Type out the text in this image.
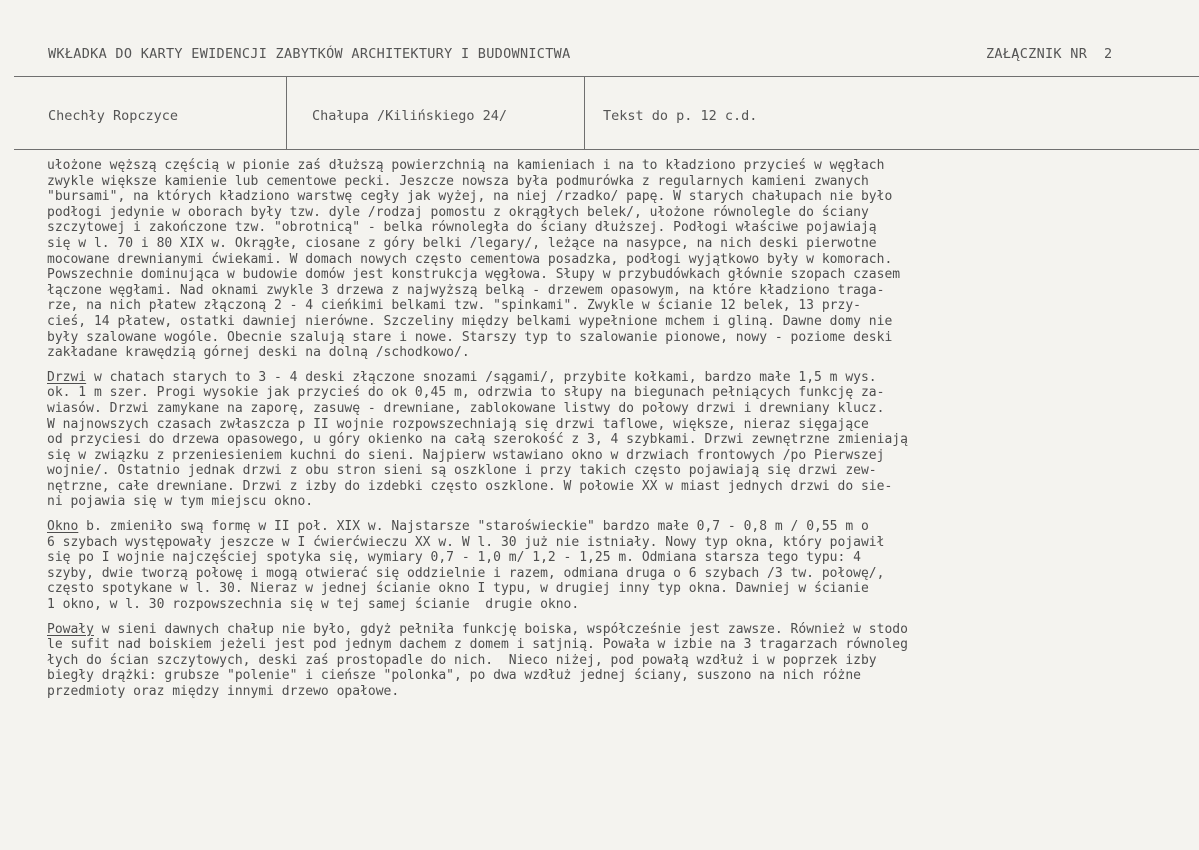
WKŁADKA DO KARTY EWIDENCJI ZABYTKÓW ARCHITEKTURY I BUDOWNICTWA	ZAŁĄCZNIK NR  2
Chechły Ropczyce	Chałupa /Kilińskiego 24/	Tekst do p. 12 c.d.

ułożone węższą częścią w pionie zaś dłuższą powierzchnią na kamieniach i na to kładziono przycieś w węgłach
zwykle większe kamienie lub cementowe pecki. Jeszcze nowsza była podmurówka z regularnych kamieni zwanych
"bursami", na których kładziono warstwę cegły jak wyżej, na niej /rzadko/ papę. W starych chałupach nie było
podłogi jedynie w oborach były tzw. dyle /rodzaj pomostu z okrągłych belek/, ułożone równolegle do ściany
szczytowej i zakończone tzw. "obrotnicą" - belka równoległa do ściany dłuższej. Podłogi właściwe pojawiają
się w l. 70 i 80 XIX w. Okrągłe, ciosane z góry belki /legary/, leżące na nasypce, na nich deski pierwotne
mocowane drewnianymi ćwiekami. W domach nowych często cementowa posadzka, podłogi wyjątkowo były w komorach.
Powszechnie dominująca w budowie domów jest konstrukcja węgłowa. Słupy w przybudówkach głównie szopach czasem
łączone węgłami. Nad oknami zwykle 3 drzewa z najwyższą belką - drzewem opasowym, na które kładziono traga-
rze, na nich płatew złączoną 2 - 4 cieńkimi belkami tzw. "spinkami". Zwykle w ścianie 12 belek, 13 przy-
cieś, 14 płatew, ostatki dawniej nierówne. Szczeliny między belkami wypełnione mchem i gliną. Dawne domy nie
były szalowane wogóle. Obecnie szalują stare i nowe. Starszy typ to szalowanie pionowe, nowy - poziome deski
zakładane krawędzią górnej deski na dolną /schodkowo/.

Drzwi w chatach starych to 3 - 4 deski złączone snozami /sągami/, przybite kołkami, bardzo małe 1,5 m wys.
ok. 1 m szer. Progi wysokie jak przycieś do ok 0,45 m, odrzwia to słupy na biegunach pełniących funkcję za-
wiasów. Drzwi zamykane na zaporę, zasuwę - drewniane, zablokowane listwy do połowy drzwi i drewniany klucz.
W najnowszych czasach zwłaszcza p II wojnie rozpowszechniają się drzwi taflowe, większe, nieraz sięgające
od przyciesi do drzewa opasowego, u góry okienko na całą szerokość z 3, 4 szybkami. Drzwi zewnętrzne zmieniają
się w związku z przeniesieniem kuchni do sieni. Najpierw wstawiano okno w drzwiach frontowych /po Pierwszej
wojnie/. Ostatnio jednak drzwi z obu stron sieni są oszklone i przy takich często pojawiają się drzwi zew-
nętrzne, całe drewniane. Drzwi z izby do izdebki często oszklone. W połowie XX w miast jednych drzwi do sie-
ni pojawia się w tym miejscu okno.

Okno b. zmieniło swą formę w II poł. XIX w. Najstarsze "staroświeckie" bardzo małe 0,7 - 0,8 m / 0,55 m o
6 szybach występowały jeszcze w I ćwierćwieczu XX w. W l. 30 już nie istniały. Nowy typ okna, który pojawił
się po I wojnie najczęściej spotyka się, wymiary 0,7 - 1,0 m/ 1,2 - 1,25 m. Odmiana starsza tego typu: 4
szyby, dwie tworzą połowę i mogą otwierać się oddzielnie i razem, odmiana druga o 6 szybach /3 tw. połowę/,
często spotykane w l. 30. Nieraz w jednej ścianie okno I typu, w drugiej inny typ okna. Dawniej w ścianie
1 okno, w l. 30 rozpowszechnia się w tej samej ścianie  drugie okno.

Powały w sieni dawnych chałup nie było, gdyż pełniła funkcję boiska, współcześnie jest zawsze. Również w stodo
le sufit nad boiskiem jeżeli jest pod jednym dachem z domem i satjnią. Powała w izbie na 3 tragarzach równoleg
łych do ścian szczytowych, deski zaś prostopadle do nich.  Nieco niżej, pod powałą wzdłuż i w poprzek izby
biegły drążki: grubsze "polenie" i cieńsze "polonka", po dwa wzdłuż jednej ściany, suszono na nich różne
przedmioty oraz między innymi drzewo opałowe.
